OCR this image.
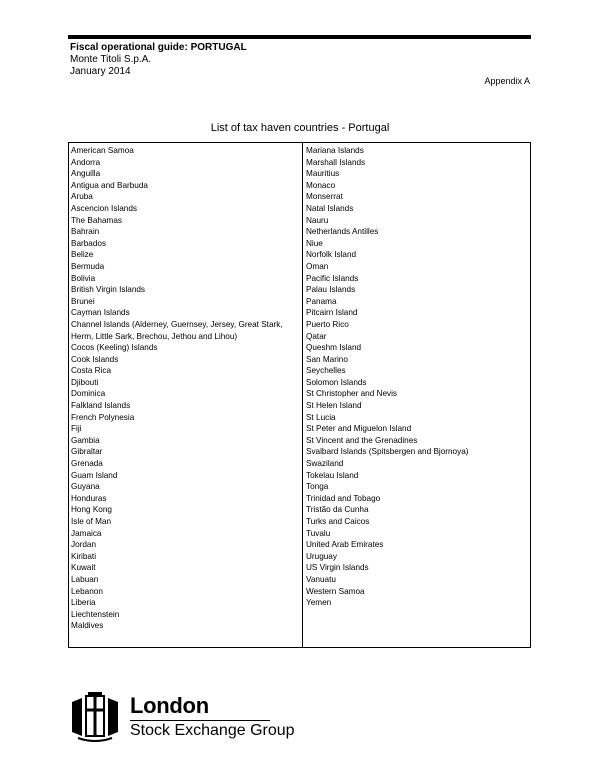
Fiscal operational guide: PORTUGAL
Monte Titoli S.p.A.
January 2014
Appendix A
List of tax haven countries - Portugal
American Samoa
Andorra
Anguilla
Antigua and Barbuda
Aruba
Ascencion Islands
The Bahamas
Bahrain
Barbados
Belize
Bermuda
Bolivia
British Virgin Islands
Brunei
Cayman Islands
Channel Islands (Alderney, Guernsey, Jersey, Great Stark,
Herm, Little Sark, Brechou, Jethou and Lihou)
Cocos (Keeling) Islands
Cook Islands
Costa Rica
Djibouti
Dominica
Falkland Islands
French Polynesia
Fiji
Gambia
Gibraltar
Grenada
Guam Island
Guyana
Honduras
Hong Kong
Isle of Man
Jamaica
Jordan
Kiribati
Kuwait
Labuan
Lebanon
Liberia
Liechtenstein
Maldives
Mariana Islands
Marshall Islands
Mauritius
Monaco
Monserrat
Natal Islands
Nauru
Netherlands Antilles
Niue
Norfolk Island
Oman
Pacific Islands
Palau Islands
Panama
Pitcairn Island
Puerto Rico
Qatar
Queshm Island
San Marino
Seychelles
Solomon Islands
St Christopher and Nevis
St Helen Island
St Lucia
St Peter and Miguelon Island
St Vincent and the Grenadines
Svalbard Islands (Spitsbergen and Bjornoya)
Swaziland
Tokelau Island
Tonga
Trinidad and Tobago
Tristão da Cunha
Turks and Caicos
Tuvalu
United Arab Emirates
Uruguay
US Virgin Islands
Vanuatu
Western Samoa
Yemen
London
Stock Exchange Group
